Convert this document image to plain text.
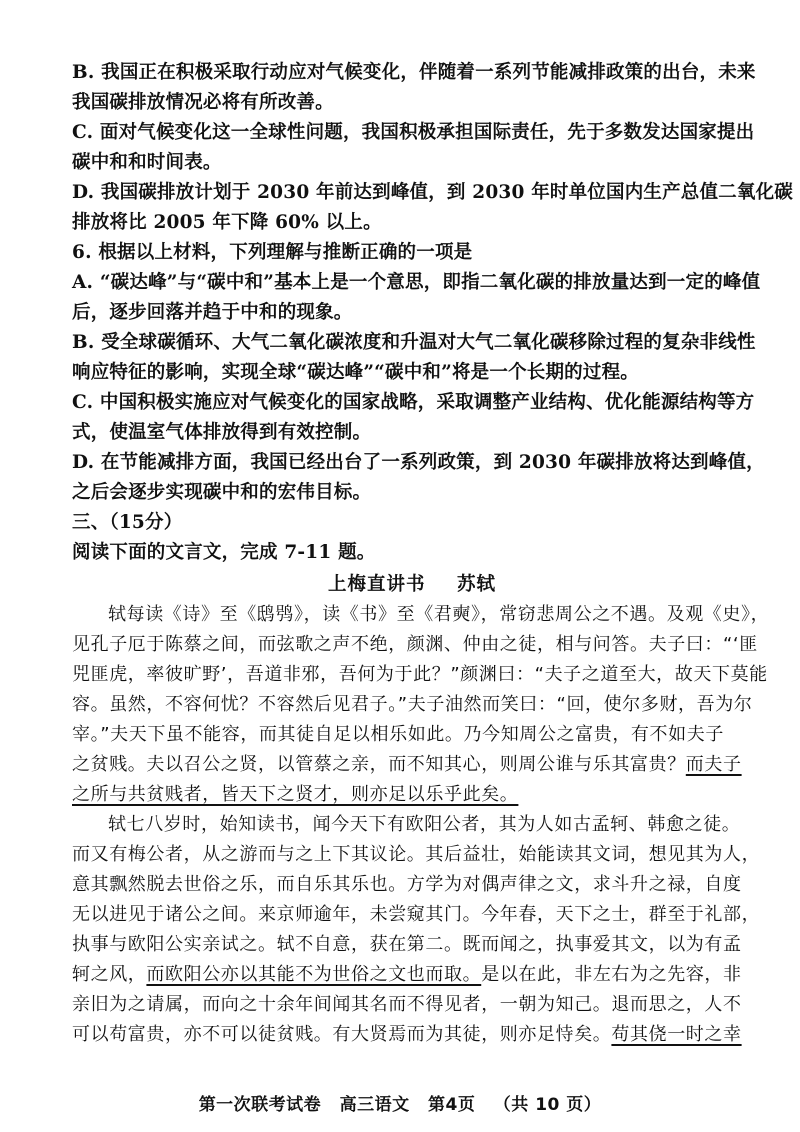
B. 我国正在积极采取行动应对气候变化，伴随着一系列节能减排政策的出台，未来
我国碳排放情况必将有所改善。
C. 面对气候变化这一全球性问题，我国积极承担国际责任，先于多数发达国家提出
碳中和和时间表。
D. 我国碳排放计划于 2030 年前达到峰值，到 2030 年时单位国内生产总值二氧化碳
排放将比 2005 年下降 60% 以上。
6. 根据以上材料，下列理解与推断正确的一项是
A. “碳达峰”与“碳中和”基本上是一个意思，即指二氧化碳的排放量达到一定的峰值
后，逐步回落并趋于中和的现象。
B. 受全球碳循环、大气二氧化碳浓度和升温对大气二氧化碳移除过程的复杂非线性
响应特征的影响，实现全球“碳达峰”“碳中和”将是一个长期的过程。
C. 中国积极实施应对气候变化的国家战略，采取调整产业结构、优化能源结构等方
式，使温室气体排放得到有效控制。
D. 在节能减排方面，我国已经出台了一系列政策，到 2030 年碳排放将达到峰值，
之后会逐步实现碳中和的宏伟目标。
三、（15分）
阅读下面的文言文，完成 7-11 题。
上梅直讲书 苏轼
轼每读《诗》至《鸱鸮》，读《书》至《君奭》，常窃悲周公之不遇。及观《史》，
见孔子厄于陈蔡之间，而弦歌之声不绝，颜渊、仲由之徒，相与问答。夫子曰：“‘匪
兕匪虎，率彼旷野’，吾道非邪，吾何为于此？”颜渊曰：“夫子之道至大，故天下莫能
容。虽然，不容何忧？不容然后见君子。”夫子油然而笑曰：“回，使尔多财，吾为尔
宰。”夫天下虽不能容，而其徒自足以相乐如此。乃今知周公之富贵，有不如夫子
之贫贱。夫以召公之贤，以管蔡之亲，而不知其心，则周公谁与乐其富贵？而夫子
之所与共贫贱者，皆天下之贤才，则亦足以乐乎此矣。
轼七八岁时，始知读书，闻今天下有欧阳公者，其为人如古孟轲、韩愈之徒。
而又有梅公者，从之游而与之上下其议论。其后益壮，始能读其文词，想见其为人，
意其飘然脱去世俗之乐，而自乐其乐也。方学为对偶声律之文，求斗升之禄，自度
无以进见于诸公之间。来京师逾年，未尝窥其门。今年春，天下之士，群至于礼部，
执事与欧阳公实亲试之。轼不自意，获在第二。既而闻之，执事爱其文，以为有孟
轲之风，而欧阳公亦以其能不为世俗之文也而取。是以在此，非左右为之先容，非
亲旧为之请属，而向之十余年间闻其名而不得见者，一朝为知己。退而思之，人不
可以苟富贵，亦不可以徒贫贱。有大贤焉而为其徒，则亦足恃矣。苟其侥一时之幸
第一次联考试卷 高三语文 第4页 （共 10 页）
